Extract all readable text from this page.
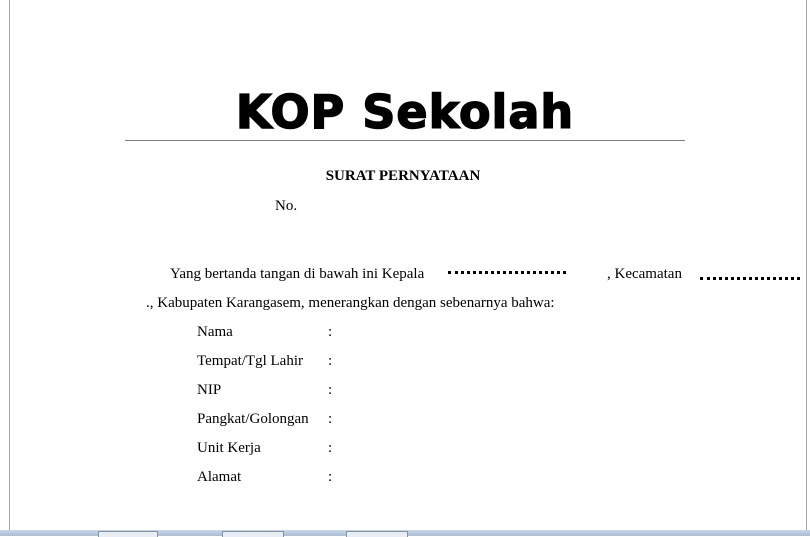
KOP Sekolah
SURAT PERNYATAAN
No.
Yang bertanda tangan di bawah ini Kepala	, Kecamatan
., Kabupaten Karangasem, menerangkan dengan sebenarnya bahwa:
Nama	:
Tempat/Tgl Lahir :
NIP	:
Pangkat/Golongan :
Unit Kerja	:
Alamat	:
